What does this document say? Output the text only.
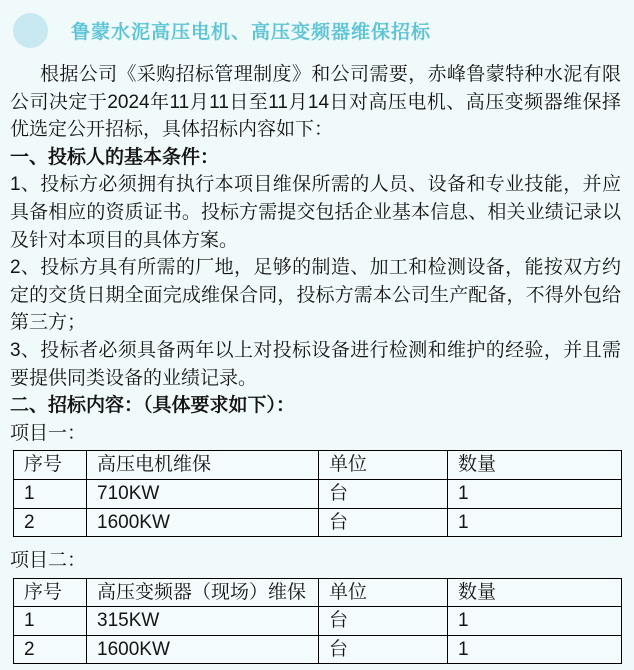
鲁蒙水泥高压电机、高压变频器维保招标

根据公司《采购招标管理制度》和公司需要，赤峰鲁蒙特种水泥有限公司决定于2024年11月11日至11月14日对高压电机、高压变频器维保择优选定公开招标，具体招标内容如下：

一、投标人的基本条件：

1、投标方必须拥有执行本项目维保所需的人员、设备和专业技能，并应具备相应的资质证书。投标方需提交包括企业基本信息、相关业绩记录以及针对本项目的具体方案。

2、投标方具有所需的厂地，足够的制造、加工和检测设备，能按双方约定的交货日期全面完成维保合同，投标方需本公司生产配备，不得外包给第三方；

3、投标者必须具备两年以上对投标设备进行检测和维护的经验，并且需要提供同类设备的业绩记录。

二、招标内容：（具体要求如下）：

项目一：

序号	高压电机维保	单位	数量
1	710KW	台	1
2	1600KW	台	1

项目二：

序号	高压变频器（现场）维保	单位	数量
1	315KW	台	1
2	1600KW	台	1
